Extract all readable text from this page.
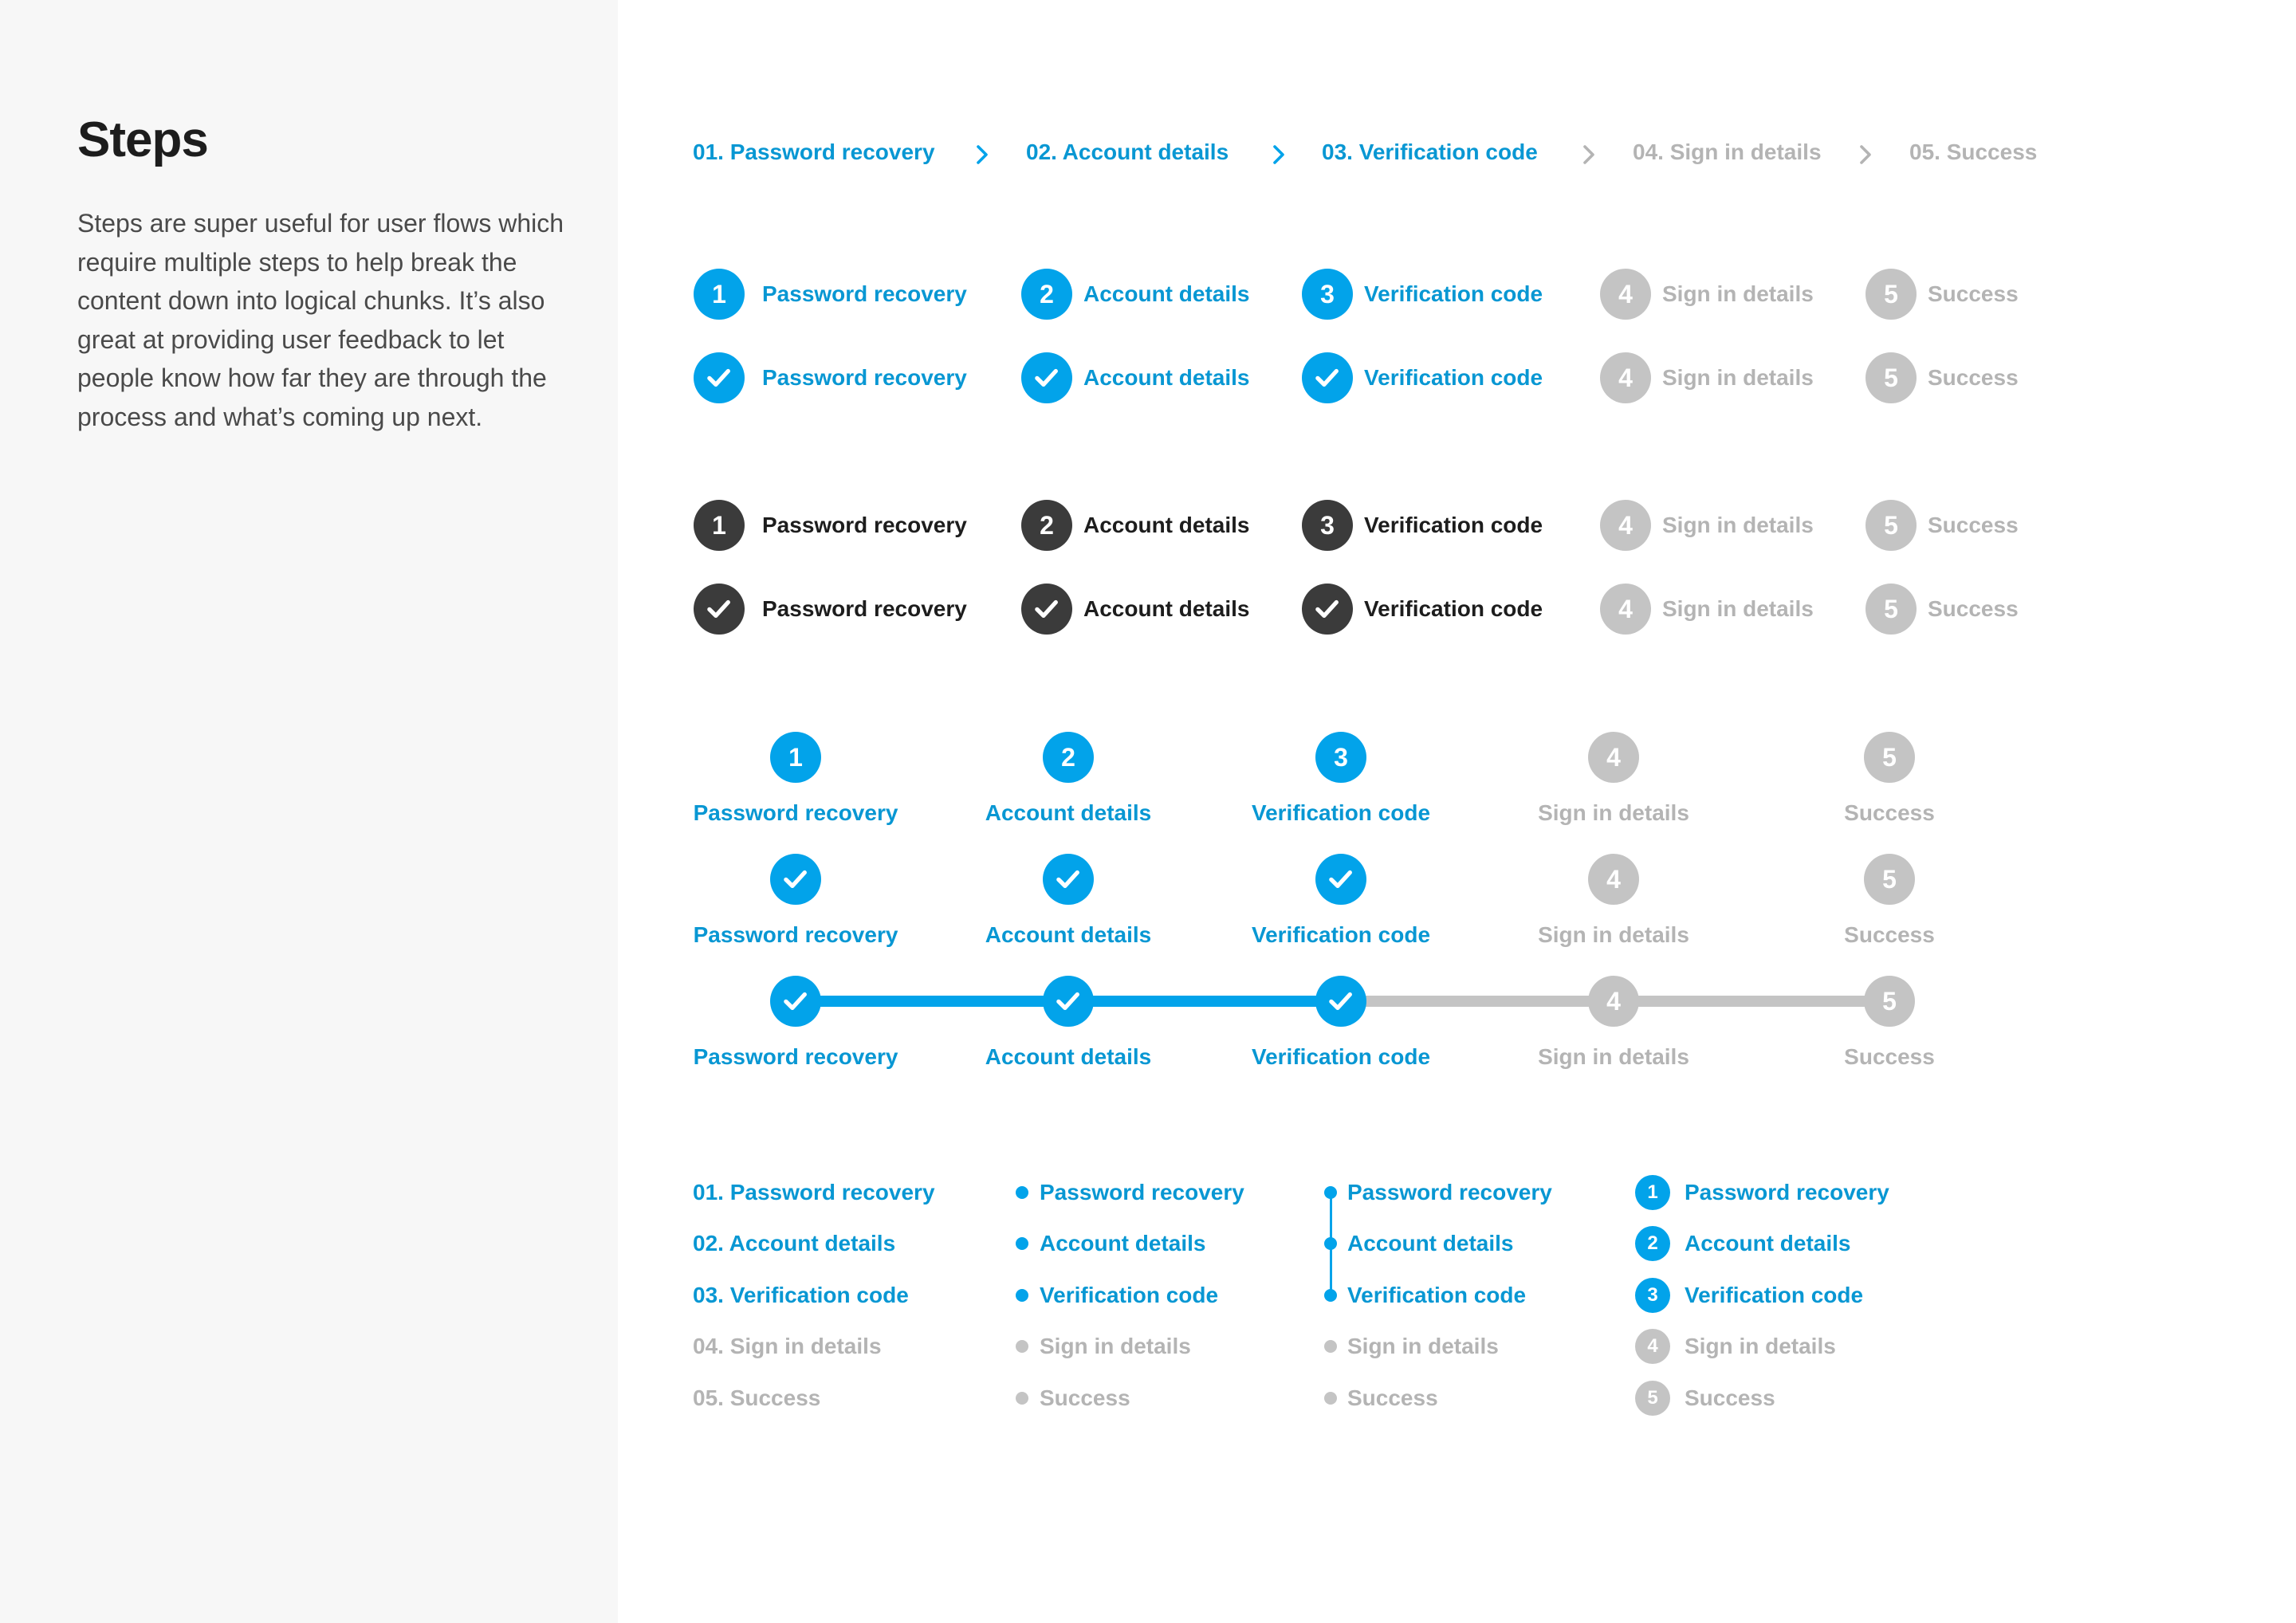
Steps

Steps are super useful for user flows which require multiple steps to help break the content down into logical chunks. It’s also great at providing user feedback to let people know how far they are through the process and what’s coming up next.

01. Password recovery	02. Account details	03. Verification code	04. Sign in details	05. Success
1 Password recovery	2 Account details	3 Verification code	4 Sign in details	5 Success
Password recovery	Account details	Verification code	4 Sign in details	5 Success
1 Password recovery	2 Account details	3 Verification code	4 Sign in details	5 Success
Password recovery	Account details	Verification code	4 Sign in details	5 Success
1
Password recovery
2
Account details
3
Verification code
4
Sign in details
5
Success
Password recovery	Account details	Verification code
4
Sign in details
5
Success
Password recovery	Account details	Verification code
4
Sign in details
5
Success
01. Password recovery
02. Account details
03. Verification code
04. Sign in details
05. Success
Password recovery
Account details
Verification code
Sign in details
Success
Password recovery
Account details
Verification code
Sign in details
Success
1 Password recovery
2 Account details
3 Verification code
4 Sign in details
5 Success
